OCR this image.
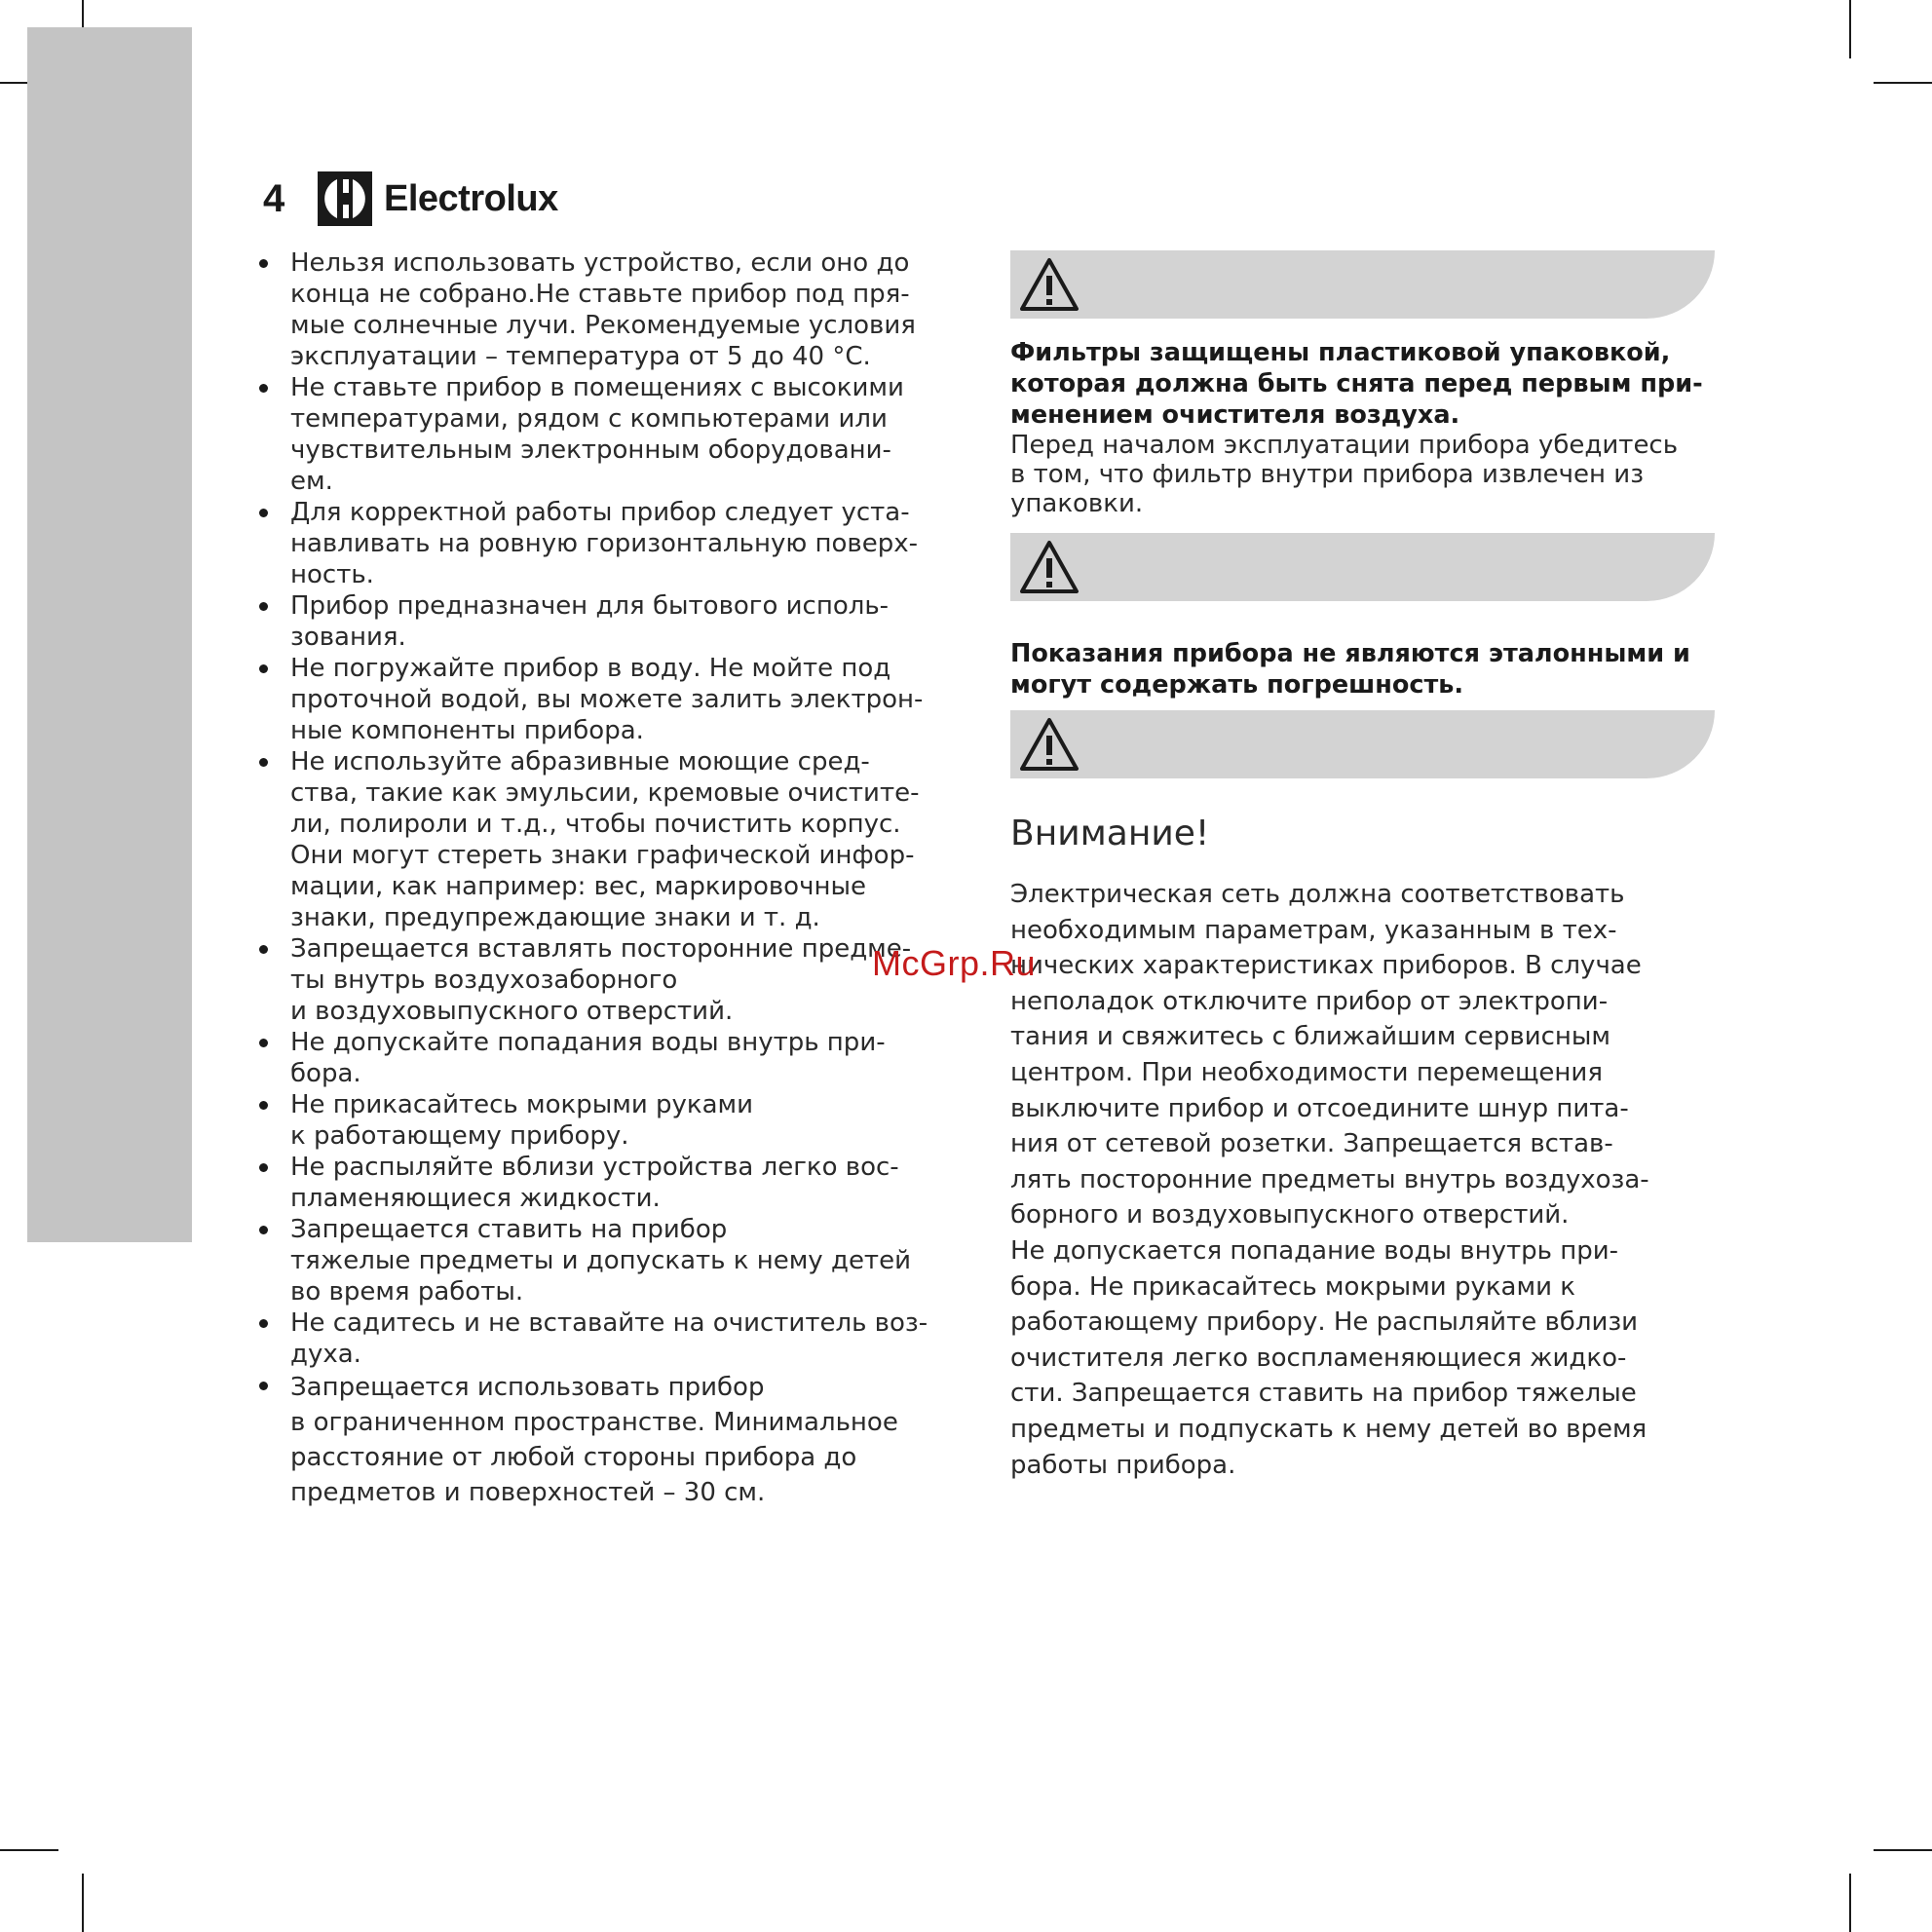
4	Electrolux
Нельзя использовать устройство, если оно до
конца не собрано.Не ставьте прибор под пря-
мые солнечные лучи. Рекомендуемые условия
эксплуатации – температура от 5 до 40 °C.
Не ставьте прибор в помещениях с высокими
температурами, рядом с компьютерами или
чувствительным электронным оборудовани-
ем.
Для корректной работы прибор следует уста-
навливать на ровную горизонтальную поверх-
ность.
Прибор предназначен для бытового исполь-
зования.
Не погружайте прибор в воду. Не мойте под
проточной водой, вы можете залить электрон-
ные компоненты прибора.
Не используйте абразивные моющие сред-
ства, такие как эмульсии, кремовые очистите-
ли, полироли и т.д., чтобы почистить корпус.
Они могут стереть знаки графической инфор-
мации, как например: вес, маркировочные
знаки, предупреждающие знаки и т. д.
Запрещается вставлять посторонние предме-
ты внутрь воздухозаборного
и воздуховыпускного отверстий.
Не допускайте попадания воды внутрь при-
бора.
Не прикасайтесь мокрыми руками
к работающему прибору.
Не распыляйте вблизи устройства легко вос-
пламеняющиеся жидкости.
Запрещается ставить на прибор
тяжелые предметы и допускать к нему детей
во время работы.
Не садитесь и не вставайте на очиститель воз-
духа.
Запрещается использовать прибор
в ограниченном пространстве. Минимальное
расстояние от любой стороны прибора до
предметов и поверхностей – 30 см.
Фильтры защищены пластиковой упаковкой,
которая должна быть снята перед первым при-
менением очистителя воздуха.
Перед началом эксплуатации прибора убедитесь
в том, что фильтр внутри прибора извлечен из
упаковки.
Показания прибора не являются эталонными и
могут содержать погрешность.
Внимание!
Электрическая сеть должна соответствовать
необходимым параметрам, указанным в тех-
нических характеристиках приборов. В случае
неполадок отключите прибор от электропи-
тания и свяжитесь с ближайшим сервисным
центром. При необходимости перемещения
выключите прибор и отсоедините шнур пита-
ния от сетевой розетки. Запрещается встав-
лять посторонние предметы внутрь воздухоза-
борного и воздуховыпускного отверстий.
Не допускается попадание воды внутрь при-
бора. Не прикасайтесь мокрыми руками к
работающему прибору. Не распыляйте вблизи
очистителя легко воспламеняющиеся жидко-
сти. Запрещается ставить на прибор тяжелые
предметы и подпускать к нему детей во время
работы прибора.
McGrp.Ru
